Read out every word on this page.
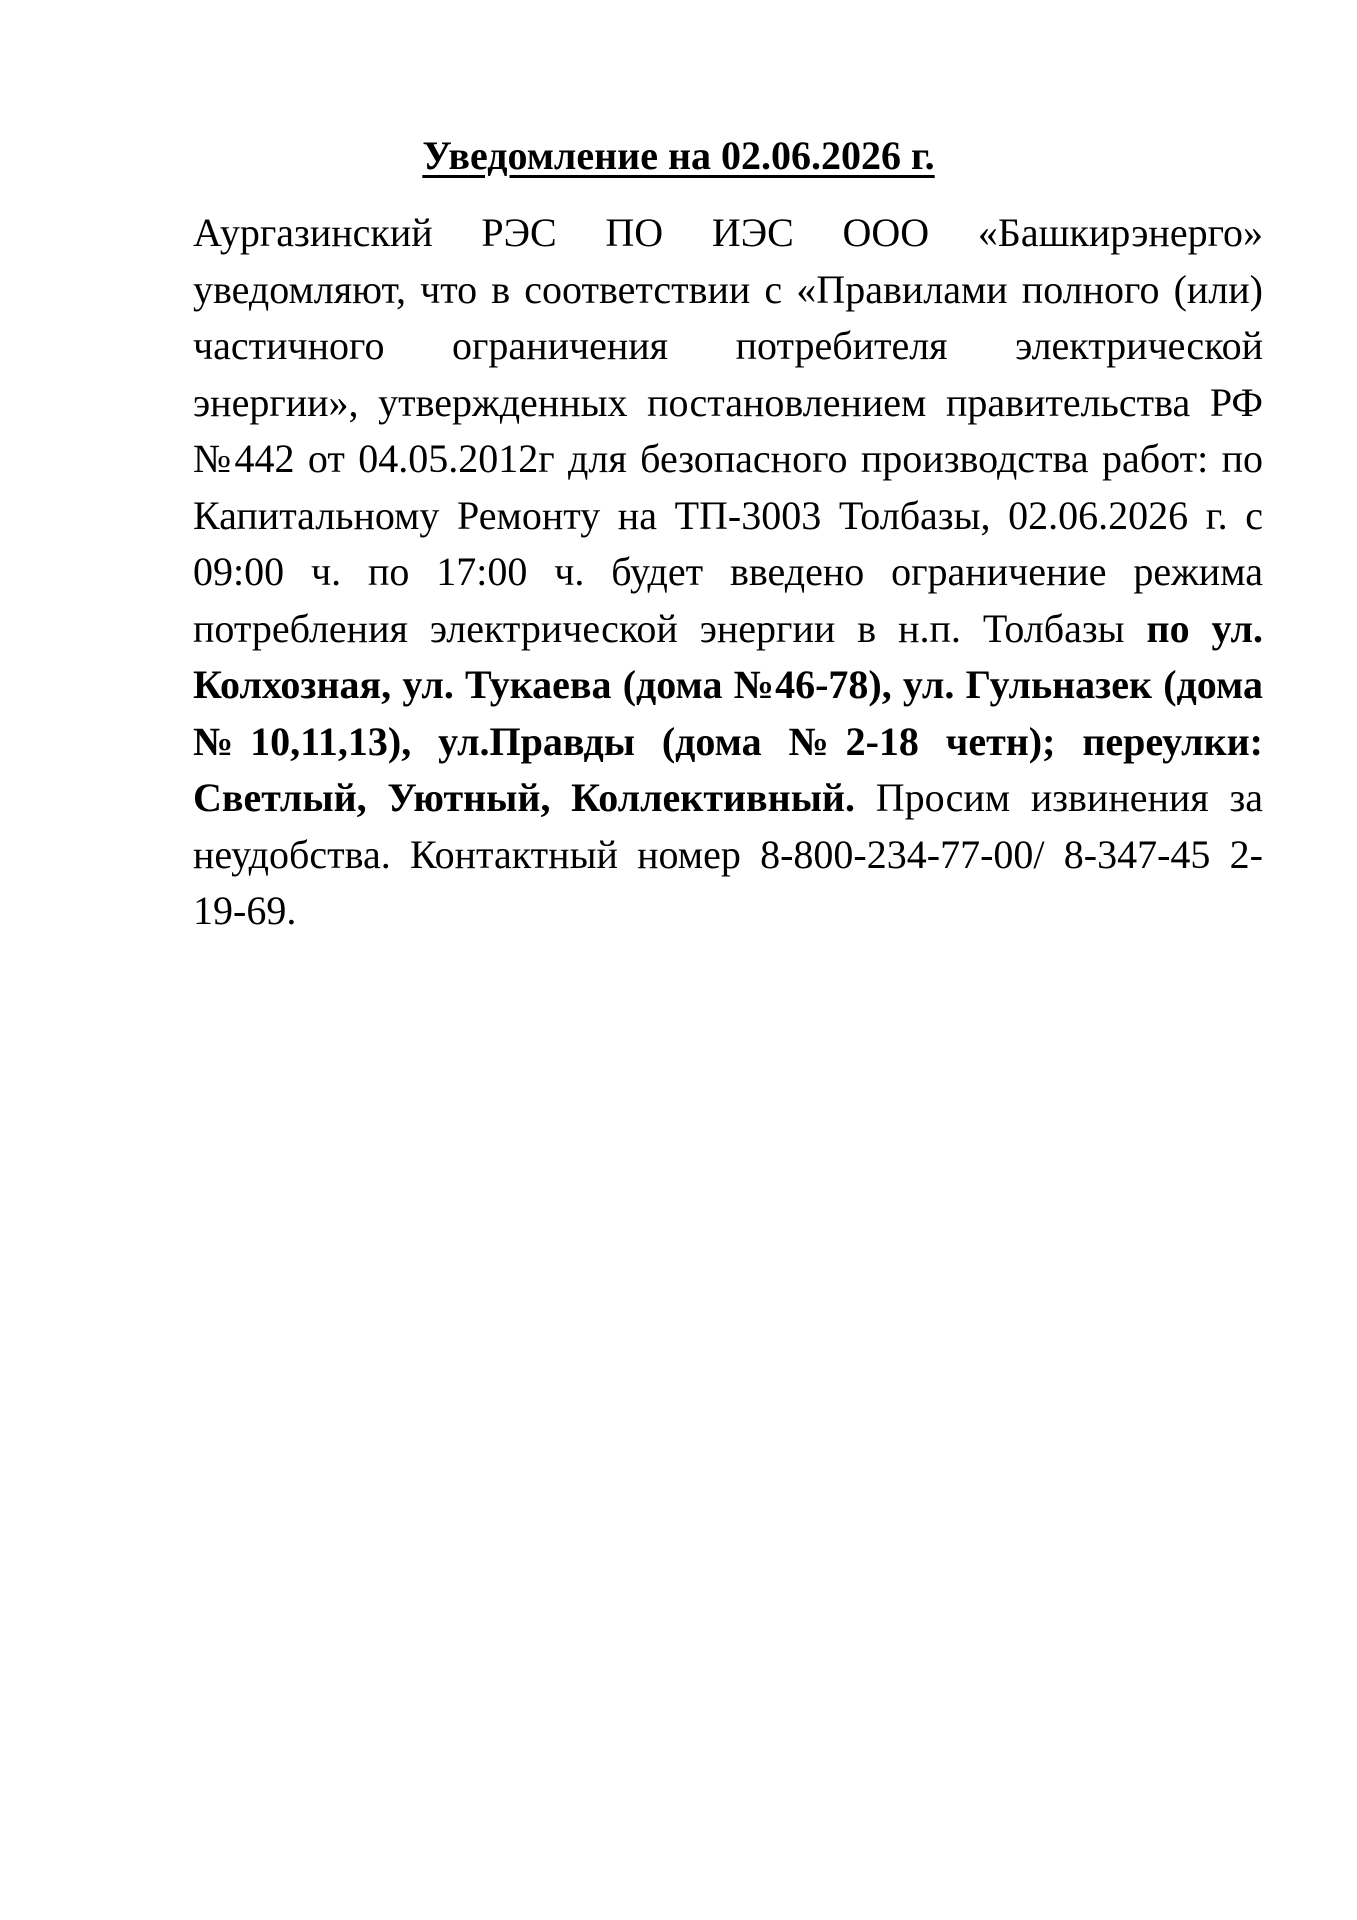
Уведомление на 02.06.2026 г.

Аургазинский РЭС ПО ИЭС ООО «Башкирэнерго» уведомляют, что в соответствии с «Правилами полного (или) частичного ограничения потребителя электрической энергии», утвержденных постановлением правительства РФ №442 от 04.05.2012г для безопасного производства работ: по Капитальному Ремонту на ТП-3003 Толбазы, 02.06.2026 г. с 09:00 ч. по 17:00 ч. будет введено ограничение режима потребления электрической энергии в н.п. Толбазы по ул. Колхозная, ул. Тукаева (дома №46-78), ул. Гульназек (дома №10,11,13), ул.Правды (дома №2-18 четн); переулки: Светлый, Уютный, Коллективный. Просим извинения за неудобства. Контактный номер 8-800-234-77-00/ 8-347-45 2-19-69.
